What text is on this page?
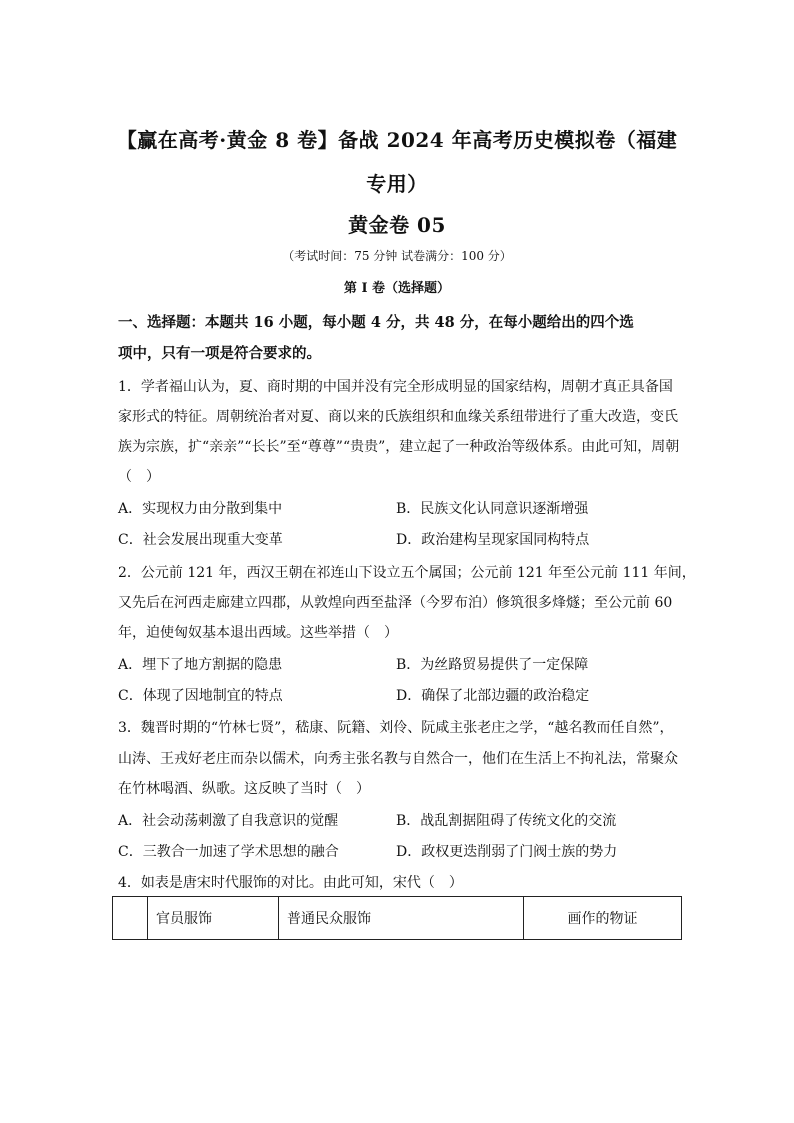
【赢在高考·黄金 8 卷】备战 2024 年高考历史模拟卷（福建
专用）
黄金卷 05
（考试时间：75 分钟 试卷满分：100 分）
第 I 卷（选择题）
一、选择题：本题共 16 小题，每小题 4 分，共 48 分，在每小题给出的四个选
项中，只有一项是符合要求的。
1．学者福山认为，夏、商时期的中国并没有完全形成明显的国家结构，周朝才真正具备国
家形式的特征。周朝统治者对夏、商以来的氏族组织和血缘关系纽带进行了重大改造，变氏
族为宗族，扩“亲亲”“长长”至“尊尊”“贵贵”，建立起了一种政治等级体系。由此可知，周朝
（　）
A．实现权力由分散到集中	B．民族文化认同意识逐渐增强
C．社会发展出现重大变革	D．政治建构呈现家国同构特点
2．公元前 121 年，西汉王朝在祁连山下设立五个属国；公元前 121 年至公元前 111 年间，
又先后在河西走廊建立四郡，从敦煌向西至盐泽（今罗布泊）修筑很多烽燧；至公元前 60
年，迫使匈奴基本退出西域。这些举措（　）
A．埋下了地方割据的隐患	B．为丝路贸易提供了一定保障
C．体现了因地制宜的特点	D．确保了北部边疆的政治稳定
3．魏晋时期的“竹林七贤”，嵇康、阮籍、刘伶、阮咸主张老庄之学，“越名教而任自然”，
山涛、王戎好老庄而杂以儒术，向秀主张名教与自然合一，他们在生活上不拘礼法，常聚众
在竹林喝酒、纵歌。这反映了当时（　）
A．社会动荡刺激了自我意识的觉醒	B．战乱割据阻碍了传统文化的交流
C．三教合一加速了学术思想的融合	D．政权更迭削弱了门阀士族的势力
4．如表是唐宋时代服饰的对比。由此可知，宋代（　）
	官员服饰	普通民众服饰	画作的物证
